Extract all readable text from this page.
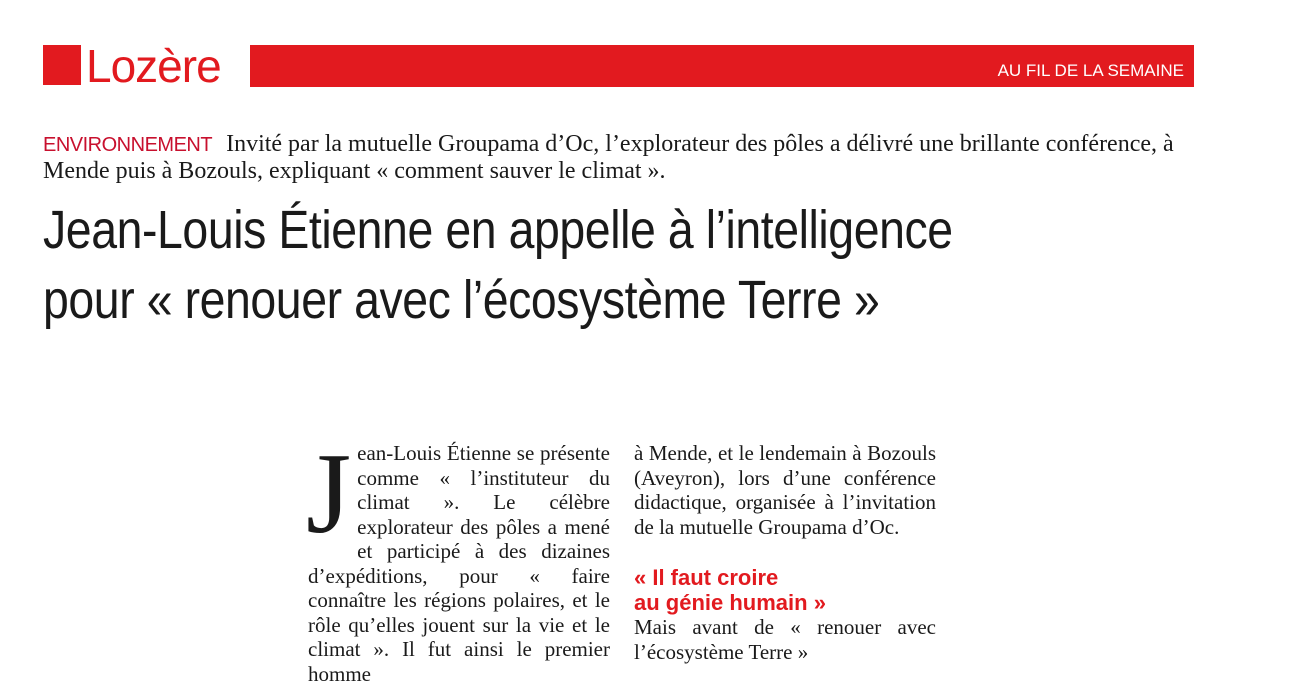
Lozère	AU FIL DE LA SEMAINE
ENVIRONNEMENT Invité par la mutuelle Groupama d’Oc, l’explorateur des pôles a délivré une brillante conférence, à Mende puis à Bozouls, expliquant « comment sauver le climat ».
Jean-Louis Étienne en appelle à l’intelligence
pour « renouer avec l’écosystème Terre »
J ean-Louis Étienne se présente comme « l’instituteur du climat ». Le célèbre explorateur des pôles a mené et participé à des dizaines d’expéditions, pour « faire connaître les régions polaires, et le rôle qu’elles jouent sur la vie et le climat ». Il fut ainsi le premier homme

à Mende, et le lendemain à Bozouls (Aveyron), lors d’une conférence didactique, organisée à l’invitation de la mutuelle Groupama d’Oc.

« Il faut croire
au génie humain »

Mais avant de « renouer avec l’écosystème Terre »
